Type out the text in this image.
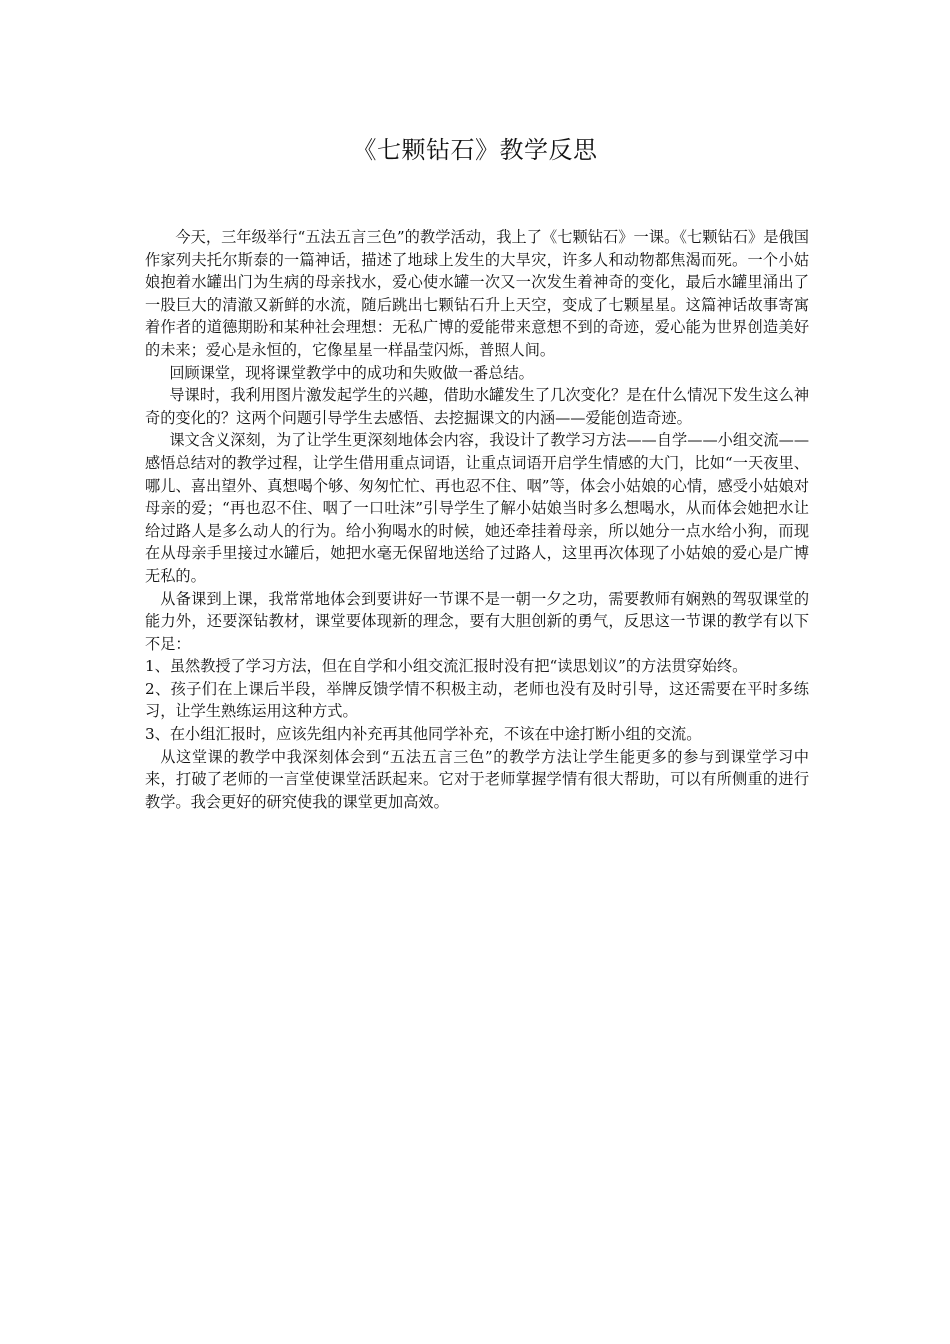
《七颗钻石》教学反思

今天，三年级举行“五法五言三色”的教学活动，我上了《七颗钻石》一课。《七颗钻石》是俄国作家列夫托尔斯泰的一篇神话，描述了地球上发生的大旱灾，许多人和动物都焦渴而死。一个小姑娘抱着水罐出门为生病的母亲找水，爱心使水罐一次又一次发生着神奇的变化，最后水罐里涌出了一股巨大的清澈又新鲜的水流，随后跳出七颗钻石升上天空，变成了七颗星星。这篇神话故事寄寓着作者的道德期盼和某种社会理想：无私广博的爱能带来意想不到的奇迹，爱心能为世界创造美好的未来；爱心是永恒的，它像星星一样晶莹闪烁，普照人间。

回顾课堂，现将课堂教学中的成功和失败做一番总结。

导课时，我利用图片激发起学生的兴趣，借助水罐发生了几次变化？是在什么情况下发生这么神奇的变化的？这两个问题引导学生去感悟、去挖掘课文的内涵——爱能创造奇迹。

课文含义深刻，为了让学生更深刻地体会内容，我设计了教学习方法——自学——小组交流——感悟总结对的教学过程，让学生借用重点词语，让重点词语开启学生情感的大门，比如“一天夜里、哪儿、喜出望外、真想喝个够、匆匆忙忙、再也忍不住、咽”等，体会小姑娘的心情，感受小姑娘对母亲的爱；“再也忍不住、咽了一口吐沫”引导学生了解小姑娘当时多么想喝水，从而体会她把水让给过路人是多么动人的行为。给小狗喝水的时候，她还牵挂着母亲，所以她分一点水给小狗，而现在从母亲手里接过水罐后，她把水毫无保留地送给了过路人，这里再次体现了小姑娘的爱心是广博无私的。

从备课到上课，我常常地体会到要讲好一节课不是一朝一夕之功，需要教师有娴熟的驾驭课堂的能力外，还要深钻教材，课堂要体现新的理念，要有大胆创新的勇气，反思这一节课的教学有以下不足：

1、虽然教授了学习方法，但在自学和小组交流汇报时没有把“读思划议”的方法贯穿始终。

2、孩子们在上课后半段，举牌反馈学情不积极主动，老师也没有及时引导，这还需要在平时多练习，让学生熟练运用这种方式。

3、在小组汇报时，应该先组内补充再其他同学补充，不该在中途打断小组的交流。

从这堂课的教学中我深刻体会到“五法五言三色”的教学方法让学生能更多的参与到课堂学习中来，打破了老师的一言堂使课堂活跃起来。它对于老师掌握学情有很大帮助，可以有所侧重的进行教学。我会更好的研究使我的课堂更加高效。
